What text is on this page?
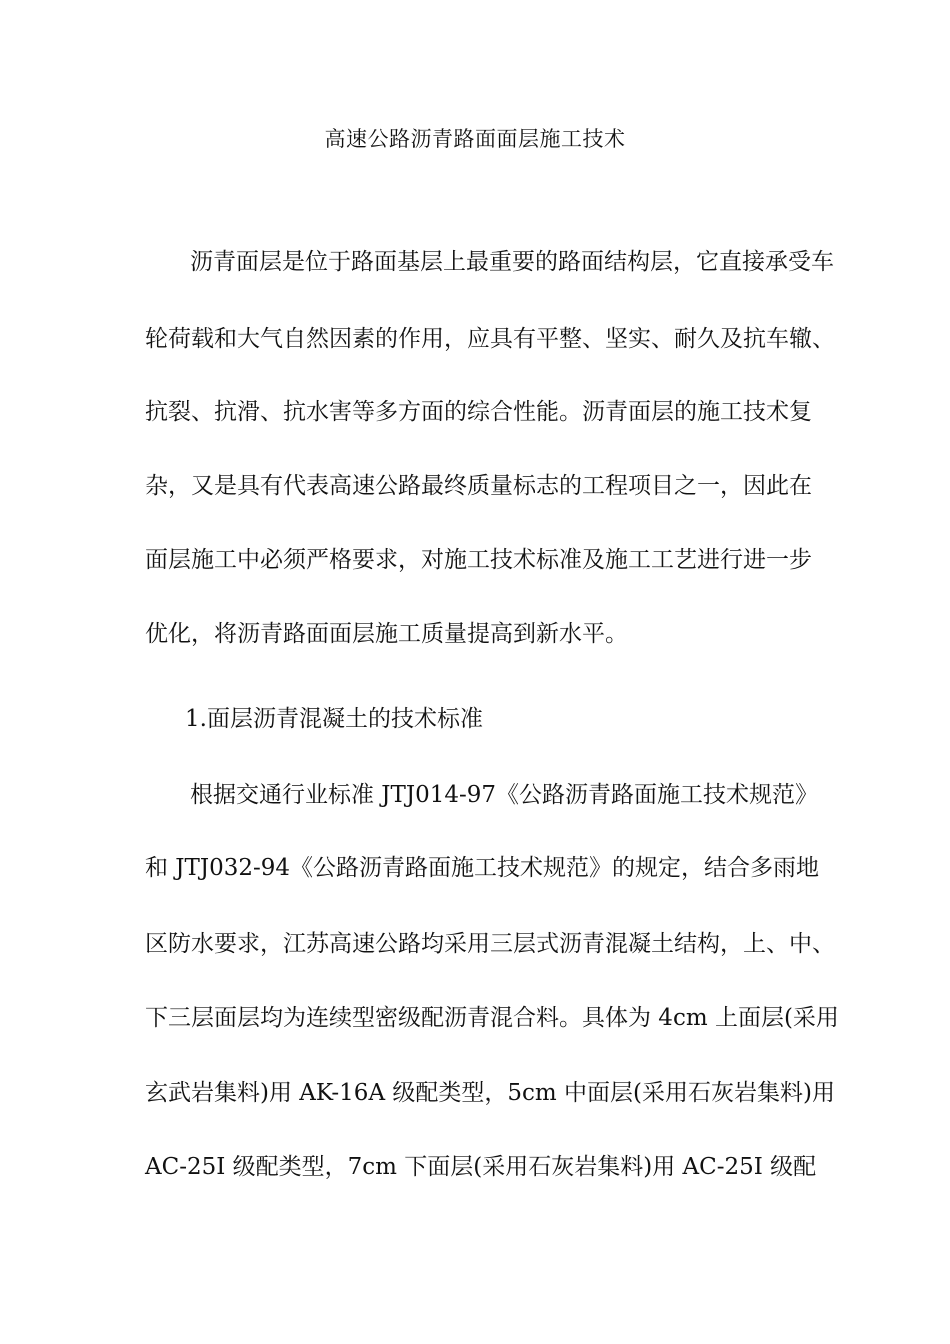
高速公路沥青路面面层施工技术
沥青面层是位于路面基层上最重要的路面结构层，它直接承受车
轮荷载和大气自然因素的作用，应具有平整、坚实、耐久及抗车辙、
抗裂、抗滑、抗水害等多方面的综合性能。沥青面层的施工技术复
杂，又是具有代表高速公路最终质量标志的工程项目之一，因此在
面层施工中必须严格要求，对施工技术标准及施工工艺进行进一步
优化，将沥青路面面层施工质量提高到新水平。
1.面层沥青混凝土的技术标准
根据交通行业标准 JTJ014-97《公路沥青路面施工技术规范》
和 JTJ032-94《公路沥青路面施工技术规范》的规定，结合多雨地
区防水要求，江苏高速公路均采用三层式沥青混凝土结构，上、中、
下三层面层均为连续型密级配沥青混合料。具体为 4cm 上面层(采用
玄武岩集料)用 AK-16A 级配类型，5cm 中面层(采用石灰岩集料)用
AC-25Ⅰ 级配类型，7cm 下面层(采用石灰岩集料)用 AC-25Ⅰ 级配
